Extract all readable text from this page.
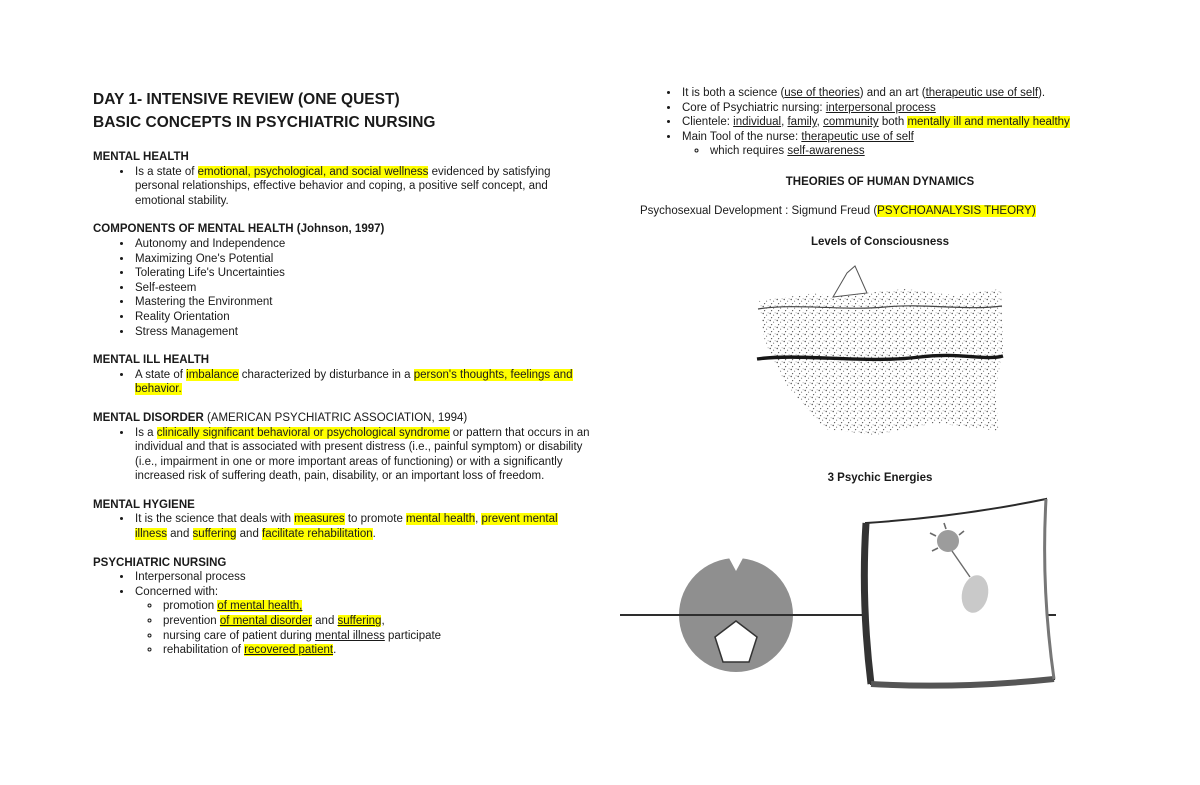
DAY 1- INTENSIVE REVIEW (ONE QUEST)
BASIC CONCEPTS IN PSYCHIATRIC NURSING
MENTAL HEALTH
• Is a state of emotional, psychological, and social wellness evidenced by satisfying personal relationships, effective behavior and coping, a positive self concept, and emotional stability.
COMPONENTS OF MENTAL HEALTH (Johnson, 1997)
• Autonomy and Independence
• Maximizing One's Potential
• Tolerating Life's Uncertainties
• Self-esteem
• Mastering the Environment
• Reality Orientation
• Stress Management
MENTAL ILL HEALTH
• A state of imbalance characterized by disturbance in a person's thoughts, feelings and behavior.
MENTAL DISORDER (AMERICAN PSYCHIATRIC ASSOCIATION, 1994)
• Is a clinically significant behavioral or psychological syndrome or pattern that occurs in an individual and that is associated with present distress (i.e., painful symptom) or disability (i.e., impairment in one or more important areas of functioning) or with a significantly increased risk of suffering death, pain, disability, or an important loss of freedom.
MENTAL HYGIENE
• It is the science that deals with measures to promote mental health, prevent mental illness and suffering and facilitate rehabilitation.
PSYCHIATRIC NURSING
• Interpersonal process
• Concerned with:
◦ promotion of mental health,
◦ prevention of mental disorder and suffering,
◦ nursing care of patient during mental illness participate
◦ rehabilitation of recovered patient.
• It is both a science (use of theories) and an art (therapeutic use of self).
• Core of Psychiatric nursing: interpersonal process
• Clientele: individual, family, community both mentally ill and mentally healthy
• Main Tool of the nurse: therapeutic use of self
◦ which requires self-awareness
THEORIES OF HUMAN DYNAMICS
Psychosexual Development : Sigmund Freud (PSYCHOANALYSIS THEORY)
Levels of Consciousness
3 Psychic Energies
